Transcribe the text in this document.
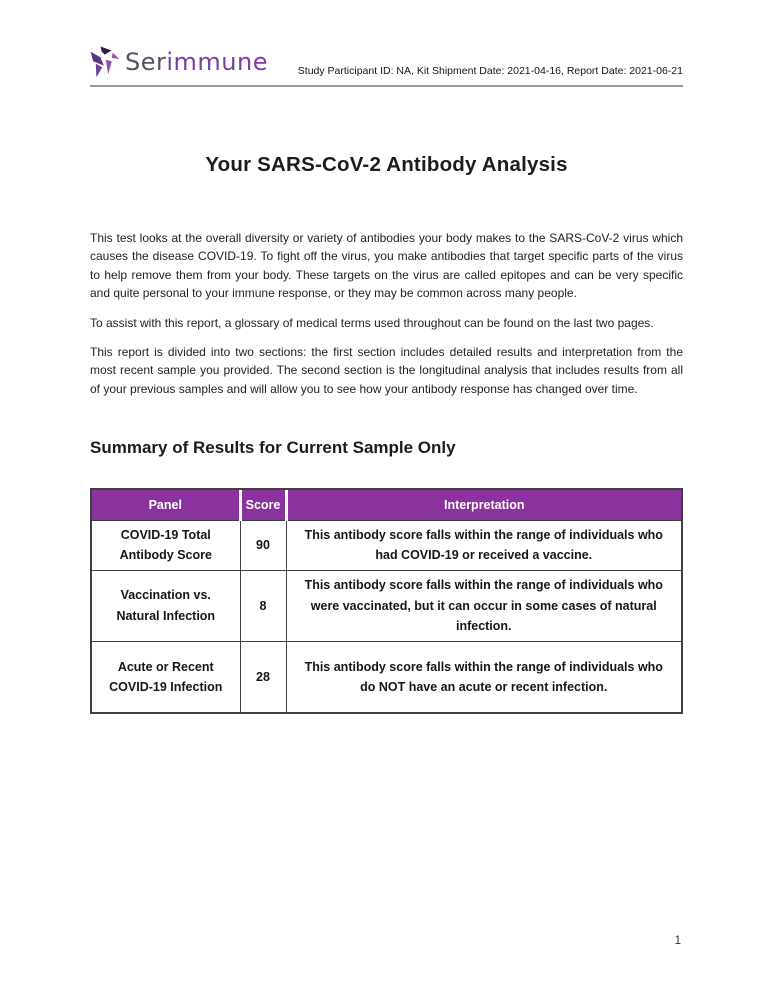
Serimmune	Study Participant ID: NA, Kit Shipment Date: 2021-04-16, Report Date: 2021-06-21
Your SARS-CoV-2 Antibody Analysis

This test looks at the overall diversity or variety of antibodies your body makes to the SARS-CoV-2 virus which causes the disease COVID-19. To fight off the virus, you make antibodies that target specific parts of the virus to help remove them from your body. These targets on the virus are called epitopes and can be very specific and quite personal to your immune response, or they may be common across many people.

To assist with this report, a glossary of medical terms used throughout can be found on the last two pages.

This report is divided into two sections: the first section includes detailed results and interpretation from the most recent sample you provided. The second section is the longitudinal analysis that includes results from all of your previous samples and will allow you to see how your antibody response has changed over time.

Summary of Results for Current Sample Only
Panel	Score	Interpretation
COVID-19 Total Antibody Score	90	This antibody score falls within the range of individuals who had COVID-19 or received a vaccine.
Vaccination vs. Natural Infection	8	This antibody score falls within the range of individuals who were vaccinated, but it can occur in some cases of natural infection.
Acute or Recent COVID-19 Infection	28	This antibody score falls within the range of individuals who do NOT have an acute or recent infection.
1
